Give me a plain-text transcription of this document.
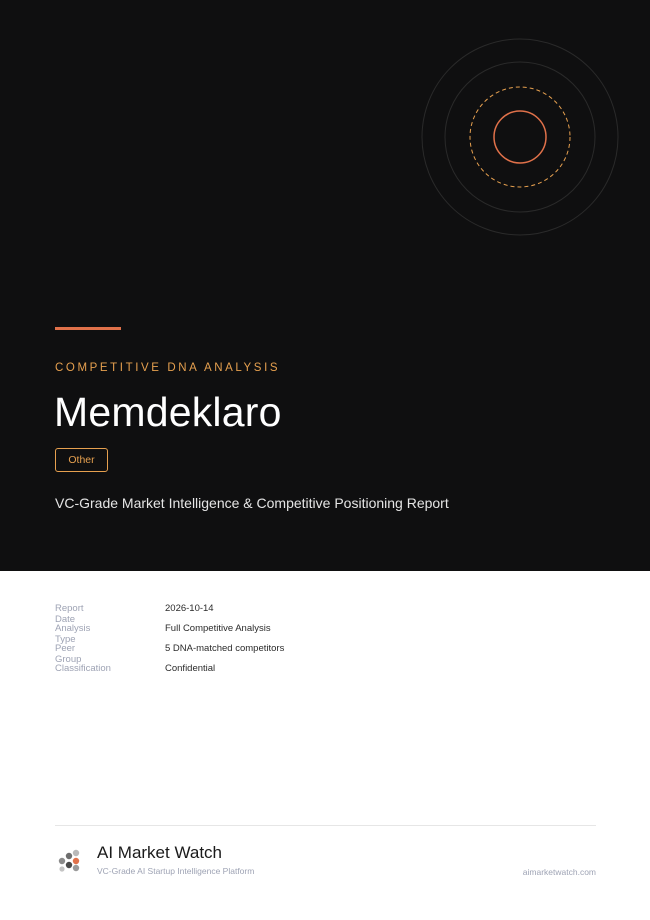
COMPETITIVE DNA ANALYSIS
Memdeklaro
Other
VC-Grade Market Intelligence & Competitive Positioning Report
Report Date
2026-10-14
Analysis Type
Full Competitive Analysis
Peer Group
5 DNA-matched competitors
Classification	Confidential
AI Market Watch
VC-Grade AI Startup Intelligence Platform	aimarketwatch.com
